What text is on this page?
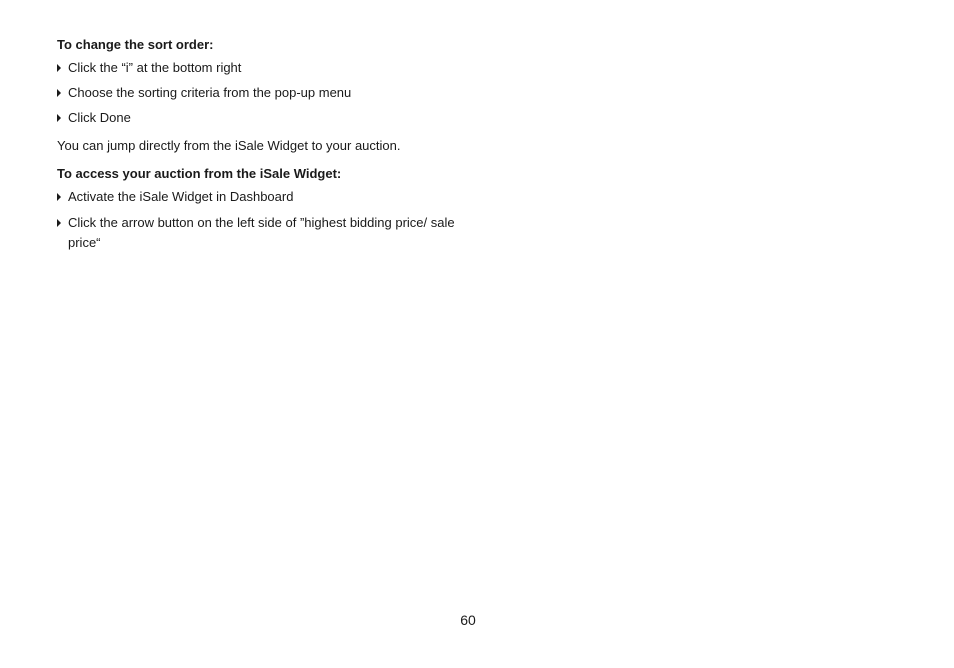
To change the sort order:

Click the “i” at the bottom right
Choose the sorting criteria from the pop-up menu
Click Done

You can jump directly from the iSale Widget to your auction.

To access your auction from the iSale Widget:

Activate the iSale Widget in Dashboard
Click the arrow button on the left side of ”highest bidding price/ sale price“
60
